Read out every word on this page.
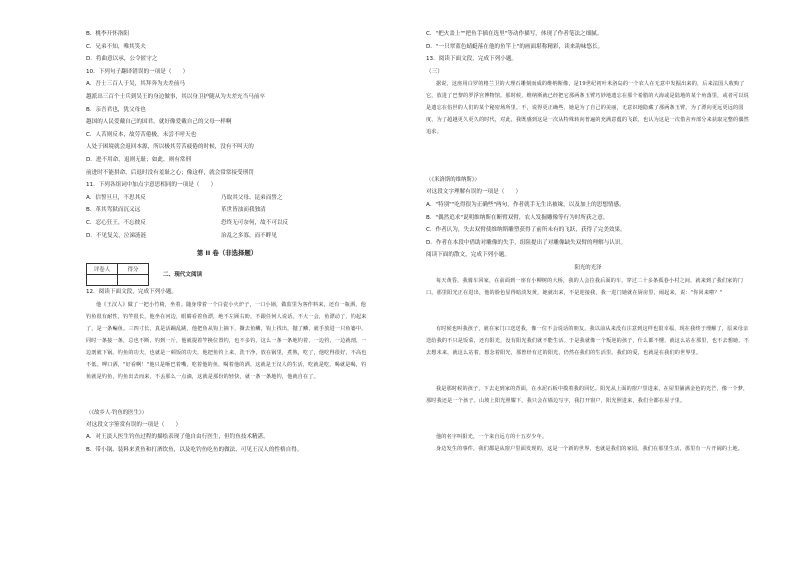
B．桃李开怀洛阳
C．兄弟不知，唯其笑夫
D．将曲意以承，公令匿守之
10．下列句子翻译错误的一项是（　　）
A．吾士三百人于吴，其拜奔为夫差前马
越派出三百个士兵到吴王的身边做事，其以身卫护随从为夫差充当马前卒
B．亲吾君也，犹父母也
越国的人民爱戴自己的国君，就好像爱戴自己的父母一样啊
C．人苦则反本，故劳苦倦极，未尝不呼天也
人处于困境就会返回本源，所以极其劳苦疲倦的时候，没有不叫天的
D．进不用命，退则无耻；如此，则有常刑
前进时不能拼命，后退时没有羞耻之心；像这样，就会常常接受刑罚
11．下列各组词中加点字意思相同的一项是（　　）
A．信誓旦旦，不思其反	乃取其父母、昆弟而誓之
B．革其驾狱而沉又远	革世皆浊而我独清
C．忍心狂王，不忘彼反	恐终无可奈何，故不可以反
D．不见复关，泣涕涟涟	治乱之多寡，而不畔见
第 II 卷（非选择题）
评卷人	得分

二、现代文阅读
12．阅读下面文段，完成下列小题。

他《王汉人》做了一把小竹椅，坐着。随身带着一个白瓷小火炉子，一口小锅，做监里为客作料来，还有一瓶酒，他钓鱼很有耐性，钓竿很长，他坐在河边，眼睛看着鱼漂，绝不左顾右盼，不跟任何人说话。不大一会，鱼漂动了，钓起来了，是一条鳊鱼。三四寸长，真是活蹦乱跳，他把鱼从钩上摘下，撕去鱼鳞，钩上找出，抛了鳞，就手放进一只鱼篓中。同时一条接一条，总也不断，钓到一斤，他就提着竿换位置钓，也不多钓，这么一条一条地钓着，一边钓，一边就剖，一边剖就下锅。钓鱼的功夫，也就是一顿饭的功夫，他把鱼钓上来，洗干净，放在锅里，煮熟，吃了，他吃得很好，不高也不低。呷口酒，"好看啊！"他只是咂巴着嘴，吃着他的鱼，喝着他的酒。这就是王汉人的生活，吃就是吃，喝就是喝，钓鱼就是钓鱼，钓鱼出去而来，不丢那么一点滴，这就是那份的轻快，就一条一条地钓，他就自在了。

（《故乡人·钓鱼的医生》）
对这段文字鉴赏有误的一项是（　　）
A．对王淡人医生钓鱼过程的描绘表现了他自由行医生，但钓鱼技术精湛。
B．带小锅、装料来煮鱼和打酒饮鱼，以及吃钓鱼吃鱼的做法，可见王汉人的性格自得。
C．"把火盖上""把鱼手插在选里"等动作描写，体现了作者笔法之细腻。
D．"一只翠蓝色蜻蜓落在他的鱼竿上"的画面堪称精彩，读来韵味悠长。
13．阅读下面文段，完成下列小题。
（三）

据说，这座用白罗的格兰卫的大理石雕刻而成的维纳斯像，是19世纪初叶米洛岛的一个农人在无意中发掘出来的，后来法国人收购了它，放进了巴黎的罗浮宫博物馆。那时候，维纳斯就已经把它那两条玉臂巧妙地遗忘在那个希腊的大海或是陆地的某个角落里，或者可以说是遗忘在俗世的人们的某个秘密场所里。不，说得更正确些，她是为了自己的美丽，无意识地隐藏了那两条玉臂。为了漂向更远更远的国度，为了超越更久更久的时代，对此，我既感到这是一次从特殊转向普遍的充满意蕴的飞跃，也认为这是一次借舍弃部分来获取完整的偶然追求。

（《米洛斯的维纳斯》）
对这段文字理解有误的一项是（　　）
A．"特别""吃得很为正确些"两句，作者就手无生出被缘，以及加上的思想情感。
B．"偶然追求"说明维纳斯在断臂双臂，农人发掘雕像等行为时所获之意。
C．作者认为，失去双臂使维纳斯雕塑获得了前所未有的飞跃，获得了完美效果。
D．作者在本段中借助对雕像的失手，组阻提出了对雕像缺失双臂的理解与认识。
阅读下面的散文，完成下列小题。
阳光的光泽

每天黄昏，我骑车回家，在前面到一座有小柳树的大桥，我的人会拉我后面的车，穿过二十多条孤巷小村之间，就来到了我们家的门口。那里阳光正在进出，他的脸色显得暗淡发黄，她就出来，不是迎接我，我一进门她就在厨房里，闹起来，说："你回来啦？"

有时候也叫我孩子，就在家门口送送我，像一位不会说话的朋友。我以前从来没有注意到这样也很幸福，现在我终于理解了，原来母亲送给我的不只是饭菜，还有阳光，没有阳光我们就不能生活。于是我就像一个叛逆的孩子，什么都不懂，就这么站在那里，也不去想她。不去想未来，就这么站着，想念着阳光，那曾经有过的阳光，仍然在我们的生活里。我们的爱，也就是在我们的世界里。

我是那时候的孩子，下去走到家的背面，在水泥石板中摸着我的回忆。阳光从上面的窗户里进来，在屋里铺满金色的光芒，像一个梦，那时我还是一个孩子。山坡上阳光照耀下，我只会在墙边写字，我打开窗户，阳光照进来，我们全都在屋子里。

他的名字叫阳光，一个来自远方的十五岁少年。

身边发生的事件，我们都是从窗户里面发现的，这是一个新的世界，也就是我们的家园，我们在那里生活，那里有一片开阔的土地。
